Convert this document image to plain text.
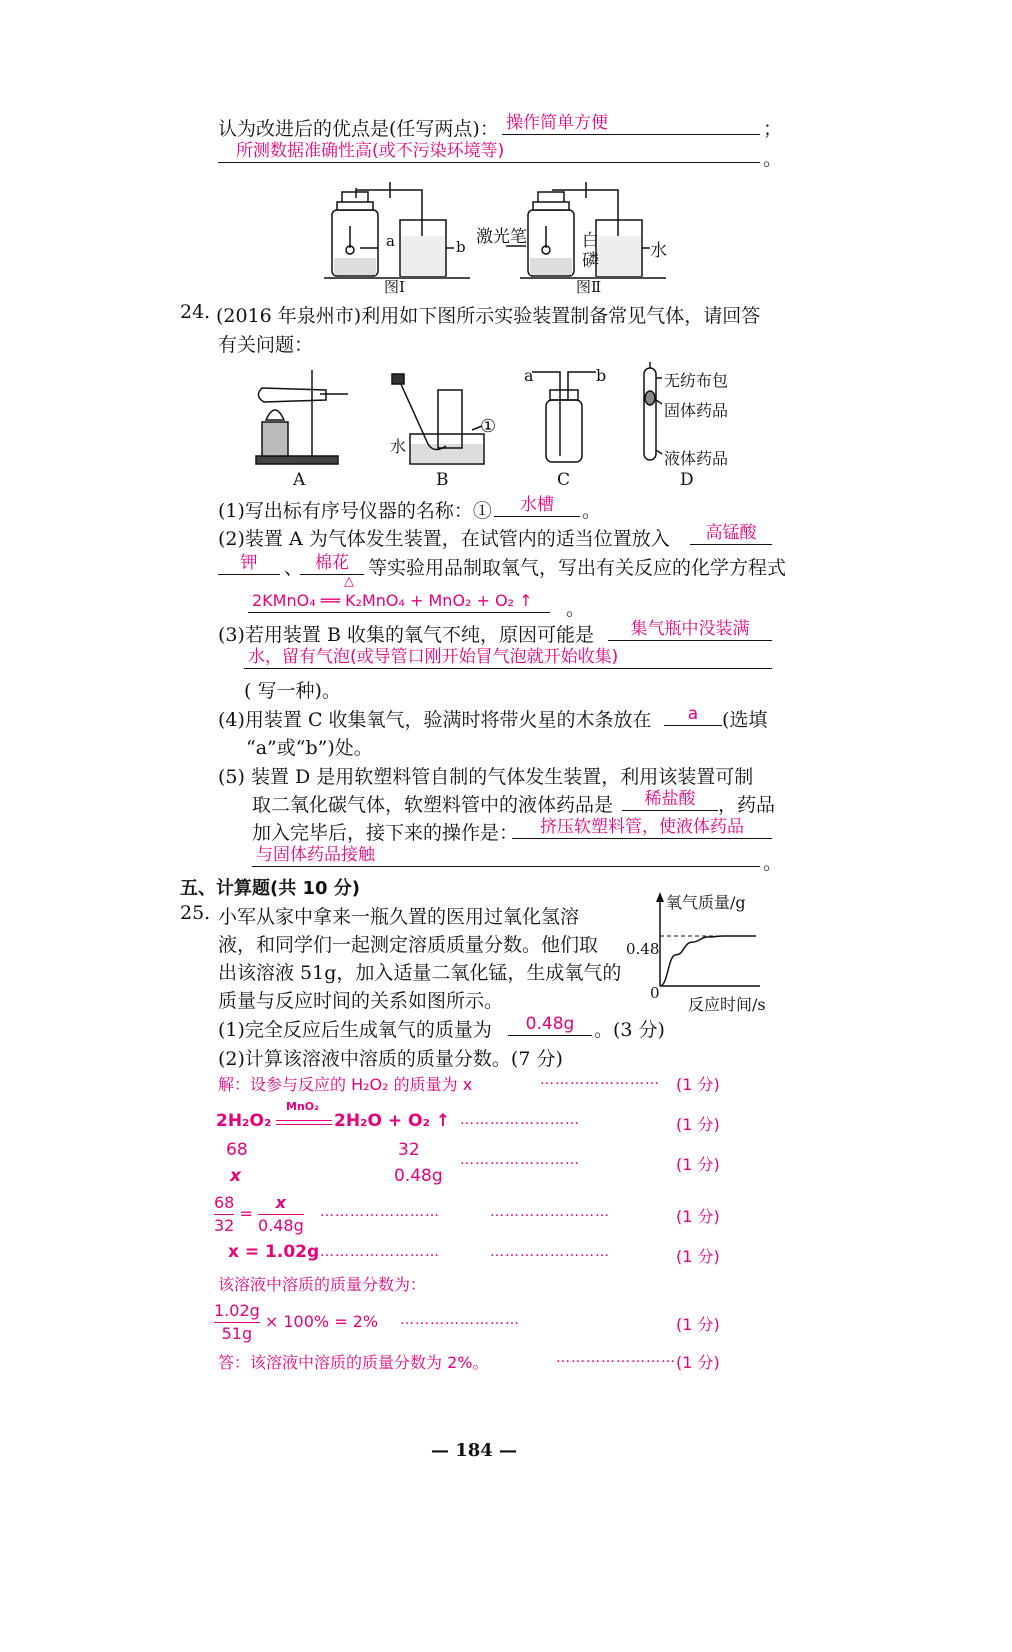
认为改进后的优点是(任写两点)： 操作简单方便	；
所测数据准确性高(或不污染环境等)	。
a	b
图Ⅰ
激光笔	白
磷	水
图Ⅱ
24. (2016 年泉州市)利用如下图所示实验装置制备常见气体，请回答
有关问题：
A	B	C	D
水
①
a	b	无纺布包
固体药品
液体药品
(1)写出标有序号仪器的名称：①	水槽	。
(2)装置 A 为气体发生装置，在试管内的适当位置放入	高锰酸
钾	、 棉花	等实验用品制取氧气，写出有关反应的化学方程式
△
2KMnO₄ ══ K₂MnO₄ + MnO₂ + O₂ ↑	。
(3)若用装置 B 收集的氧气不纯，原因可能是	集气瓶中没装满
水，留有气泡(或导管口刚开始冒气泡就开始收集)
( 写一种)。
(4)用装置 C 收集氧气，验满时将带火星的木条放在	a	(选填
“a”或“b”)处。
(5) 装置 D 是用软塑料管自制的气体发生装置，利用该装置可制
取二氧化碳气体，软塑料管中的液体药品是	稀盐酸	，药品
加入完毕后，接下来的操作是：	挤压软塑料管，使液体药品
与固体药品接触	。
五、计算题(共 10 分)
25. 小军从家中拿来一瓶久置的医用过氧化氢溶
液，和同学们一起测定溶质质量分数。他们取
出该溶液 51g，加入适量二氧化锰，生成氧气的
质量与反应时间的关系如图所示。
氧气质量/g
0.48
0
反应时间/s
(1)完全反应后生成氧气的质量为	0.48g	。(3 分)
(2)计算该溶液中溶质的质量分数。(7 分)
解：设参与反应的 H₂O₂ 的质量为 x	…………………… (1 分)
2H₂O₂
MnO₂
2H₂O + O₂ ↑ ……………………	(1 分)
68	32
x	0.48g
……………………	(1 分)
$\frac{68}{32} = \frac{x}{0.48g}$ ……………………	……………………	(1 分)
x = 1.02g ……………………	……………………	(1 分)
该溶液中溶质的质量分数为：
$\frac{1.02g}{51g} \times 100\% = 2\%$ ……………………	(1 分)
答：该溶液中溶质的质量分数为 2%。	…………………… (1 分)
— 184 —
